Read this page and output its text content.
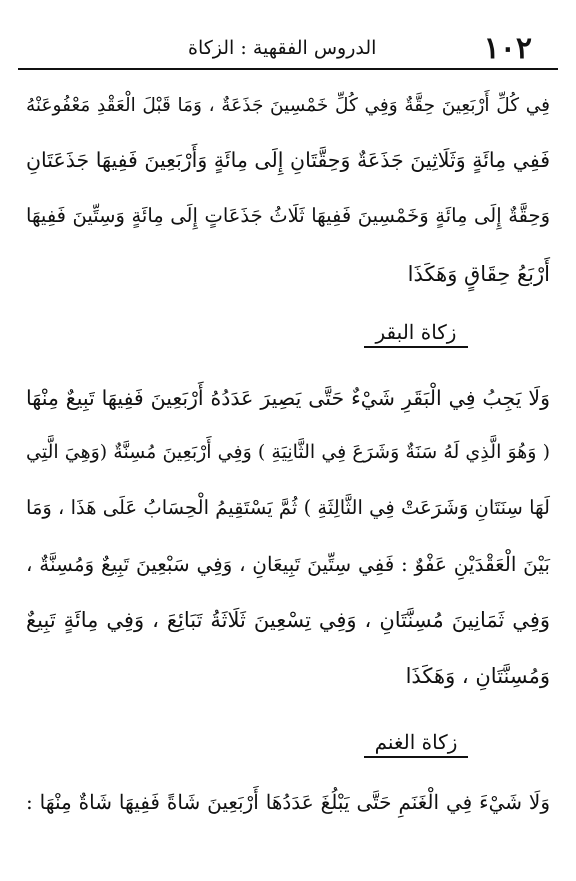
١٠٢
الدروس الفقهية : الزكاة
فِي كُلِّ أَرْبَعِينَ حِقَّةٌ وَفِي كُلِّ خَمْسِينَ جَذَعَةٌ ، وَمَا قَبْلَ الْعَقْدِ مَعْفُوعَنْهُ
فَفِي مِائَةٍ وَثَلَاثِينَ جَذَعَةٌ وَحِقَّتَانِ إِلَى مِائَةٍ وَأَرْبَعِينَ فَفِيهَا جَذَعَتَانِ
وَحِقَّةٌ إِلَى مِائَةٍ وَخَمْسِينَ فَفِيهَا ثَلَاثُ جَذَعَاتٍ إِلَى مِائَةٍ وَسِتِّينَ فَفِيهَا
أَرْبَعُ حِقَاقٍ وَهَكَذَا
زكاة البقر
وَلَا يَجِبُ فِي الْبَقَرِ شَيْءٌ حَتَّى يَصِيرَ عَدَدُهُ أَرْبَعِينَ فَفِيهَا تَبِيعٌ مِنْهَا
( وَهُوَ الَّذِي لَهُ سَنَةٌ وَشَرَعَ فِي الثَّانِيَةِ ) وَفِي أَرْبَعِينَ مُسِنَّةٌ (وَهِيَ الَّتِي
لَهَا سِنَتَانِ وَشَرَعَتْ فِي الثَّالِثَةِ ) ثُمَّ يَسْتَقِيمُ الْحِسَابُ عَلَى هَذَا ، وَمَا
بَيْنَ الْعَقْدَيْنِ عَفْوٌ : فَفِي سِتِّينَ تَبِيعَانِ ، وَفِي سَبْعِينَ تَبِيعٌ وَمُسِنَّةٌ ،
وَفِي ثَمَانِينَ مُسِنَّتَانِ ، وَفِي تِسْعِينَ ثَلَاثَةُ تَبَائِعَ ، وَفِي مِائَةٍ تَبِيعٌ
وَمُسِنَّتَانِ ، وَهَكَذَا
زكاة الغنم
وَلَا شَيْءَ فِي الْغَنَمِ حَتَّى يَبْلُغَ عَدَدُهَا أَرْبَعِينَ شَاةً فَفِيهَا شَاةٌ مِنْهَا :
